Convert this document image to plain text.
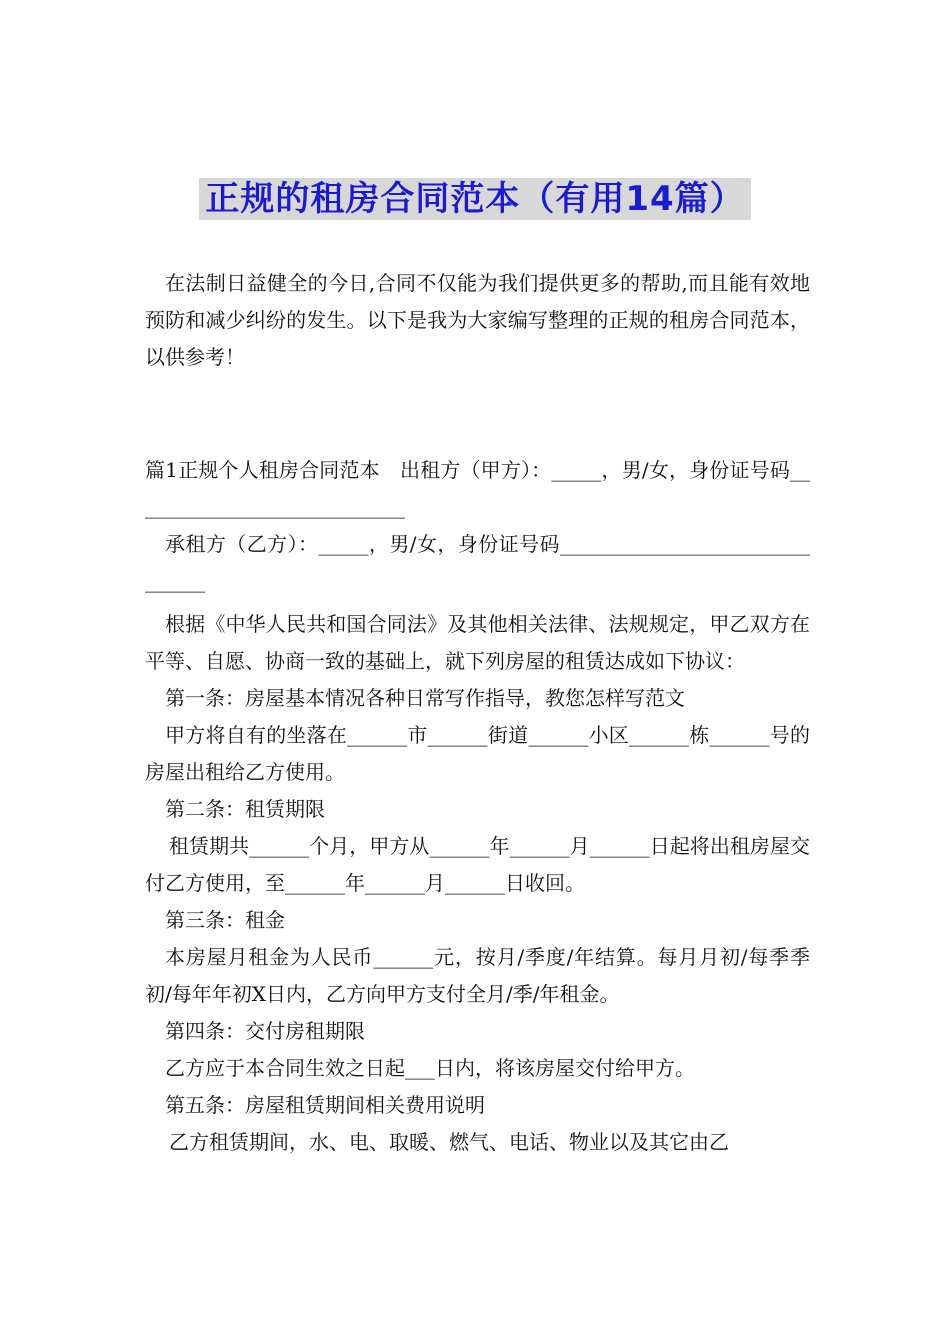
正规的租房合同范本（有用14篇）

在法制日益健全的今日,合同不仅能为我们提供更多的帮助,而且能有效地预防和减少纠纷的发生。以下是我为大家编写整理的正规的租房合同范本，以供参考！

篇1正规个人租房合同范本　出租方（甲方）：_____，男/女，身份证号码____________________________

承租方（乙方）：_____，男/女，身份证号码_______________________________

根据《中华人民共和国合同法》及其他相关法律、法规规定，甲乙双方在平等、自愿、协商一致的基础上，就下列房屋的租赁达成如下协议：

第一条：房屋基本情况各种日常写作指导，教您怎样写范文

甲方将自有的坐落在______市______街道______小区______栋______号的房屋出租给乙方使用。

第二条：租赁期限

租赁期共______个月，甲方从______年______月______日起将出租房屋交付乙方使用，至______年______月______日收回。

第三条：租金

本房屋月租金为人民币______元，按月/季度/年结算。每月月初/每季季初/每年年初X日内，乙方向甲方支付全月/季/年租金。

第四条：交付房租期限

乙方应于本合同生效之日起___日内，将该房屋交付给甲方。

第五条：房屋租赁期间相关费用说明

乙方租赁期间，水、电、取暖、燃气、电话、物业以及其它由乙
